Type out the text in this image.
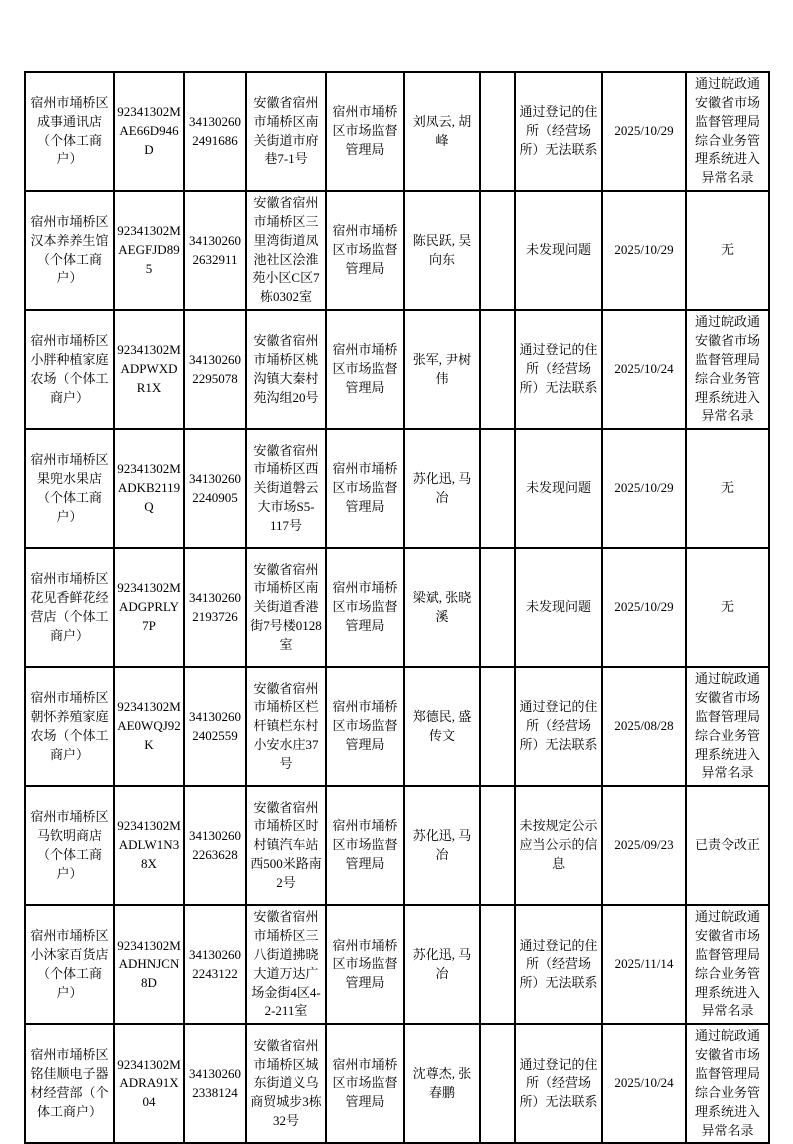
宿州市埇桥区成事通讯店（个体工商户）	92341302MAE66D946D	341302602491686	安徽省宿州市埇桥区南关街道市府巷7-1号	宿州市埇桥区市场监督管理局	刘凤云, 胡峰		通过登记的住所（经营场所）无法联系	2025/10/29	通过皖政通安徽省市场监督管理局综合业务管理系统进入异常名录
宿州市埇桥区汉本养养生馆（个体工商户）	92341302MAEGFJD895	341302602632911	安徽省宿州市埇桥区三里湾街道凤池社区浍淮苑小区C区7栋0302室	宿州市埇桥区市场监督管理局	陈民跃, 吴向东		未发现问题	2025/10/29	无
宿州市埇桥区小胖种植家庭农场（个体工商户）	92341302MADPWXDR1X	341302602295078	安徽省宿州市埇桥区桃沟镇大秦村苑沟组20号	宿州市埇桥区市场监督管理局	张军, 尹树伟		通过登记的住所（经营场所）无法联系	2025/10/24	通过皖政通安徽省市场监督管理局综合业务管理系统进入异常名录
宿州市埇桥区果兜水果店（个体工商户）	92341302MADKB2119Q	341302602240905	安徽省宿州市埇桥区西关街道磐云大市场S5-117号	宿州市埇桥区市场监督管理局	苏化迅, 马冶		未发现问题	2025/10/29	无
宿州市埇桥区花见香鲜花经营店（个体工商户）	92341302MADGPRLY7P	341302602193726	安徽省宿州市埇桥区南关街道香港街7号楼0128室	宿州市埇桥区市场监督管理局	梁斌, 张晓溪		未发现问题	2025/10/29	无
宿州市埇桥区朝怀养殖家庭农场（个体工商户）	92341302MAE0WQJ92K	341302602402559	安徽省宿州市埇桥区栏杆镇栏东村小安水庄37号	宿州市埇桥区市场监督管理局	郑德民, 盛传文		通过登记的住所（经营场所）无法联系	2025/08/28	通过皖政通安徽省市场监督管理局综合业务管理系统进入异常名录
宿州市埇桥区马钦明商店（个体工商户）	92341302MADLW1N38X	341302602263628	安徽省宿州市埇桥区时村镇汽车站西500米路南2号	宿州市埇桥区市场监督管理局	苏化迅, 马冶		未按规定公示应当公示的信息	2025/09/23	已责令改正
宿州市埇桥区小沐家百货店（个体工商户）	92341302MADHNJCN8D	341302602243122	安徽省宿州市埇桥区三八街道拂晓大道万达广场金街4区4-2-211室	宿州市埇桥区市场监督管理局	苏化迅, 马冶		通过登记的住所（经营场所）无法联系	2025/11/14	通过皖政通安徽省市场监督管理局综合业务管理系统进入异常名录
宿州市埇桥区铭佳顺电子器材经营部（个体工商户）	92341302MADRA91X04	341302602338124	安徽省宿州市埇桥区城东街道义乌商贸城步3栋32号	宿州市埇桥区市场监督管理局	沈尊杰, 张春鹏		通过登记的住所（经营场所）无法联系	2025/10/24	通过皖政通安徽省市场监督管理局综合业务管理系统进入异常名录
